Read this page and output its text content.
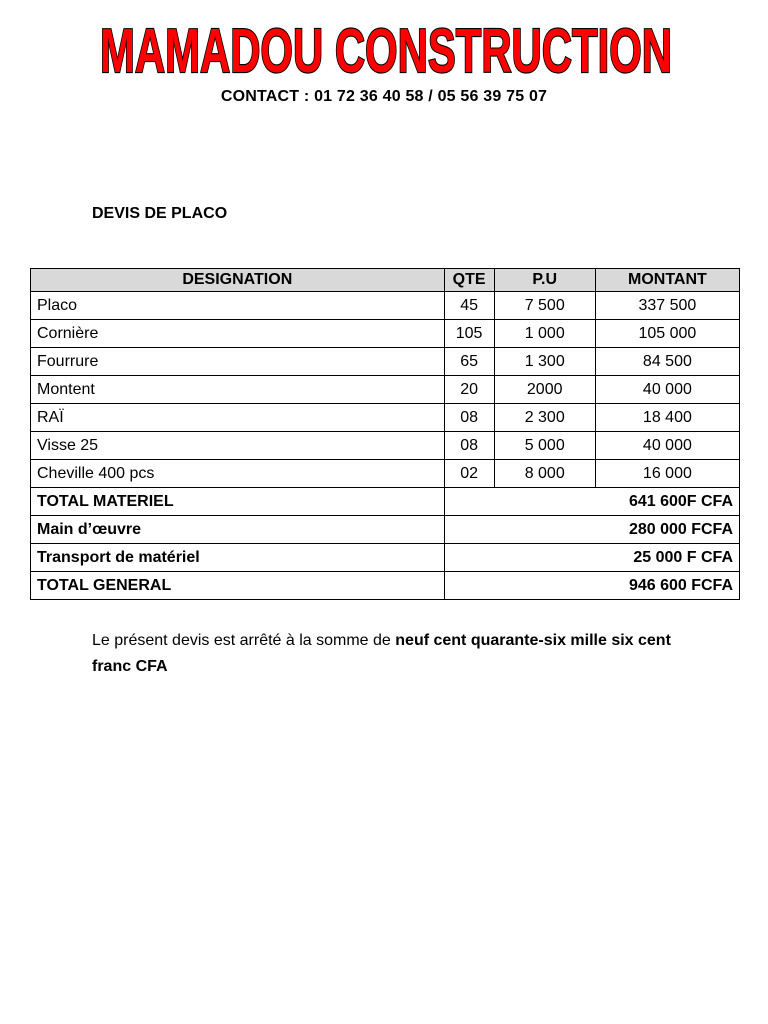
MAMADOU CONSTRUCTION
CONTACT : 01 72 36 40 58 / 05 56 39 75 07
DEVIS DE PLACO
DESIGNATION	QTE	P.U	MONTANT
Placo	45	7 500	337 500
Cornière	105	1 000	105 000
Fourrure	65	1 300	84 500
Montent	20	2000	40 000
RAÏ	08	2 300	18 400
Visse 25	08	5 000	40 000
Cheville 400 pcs	02	8 000	16 000
TOTAL MATERIEL	641 600F CFA		
Main d’œuvre	280 000 FCFA		
Transport de matériel	25 000 F CFA		
TOTAL GENERAL	946 600 FCFA		
Le présent devis est arrêté à la somme de neuf cent quarante-six mille six cent franc CFA
